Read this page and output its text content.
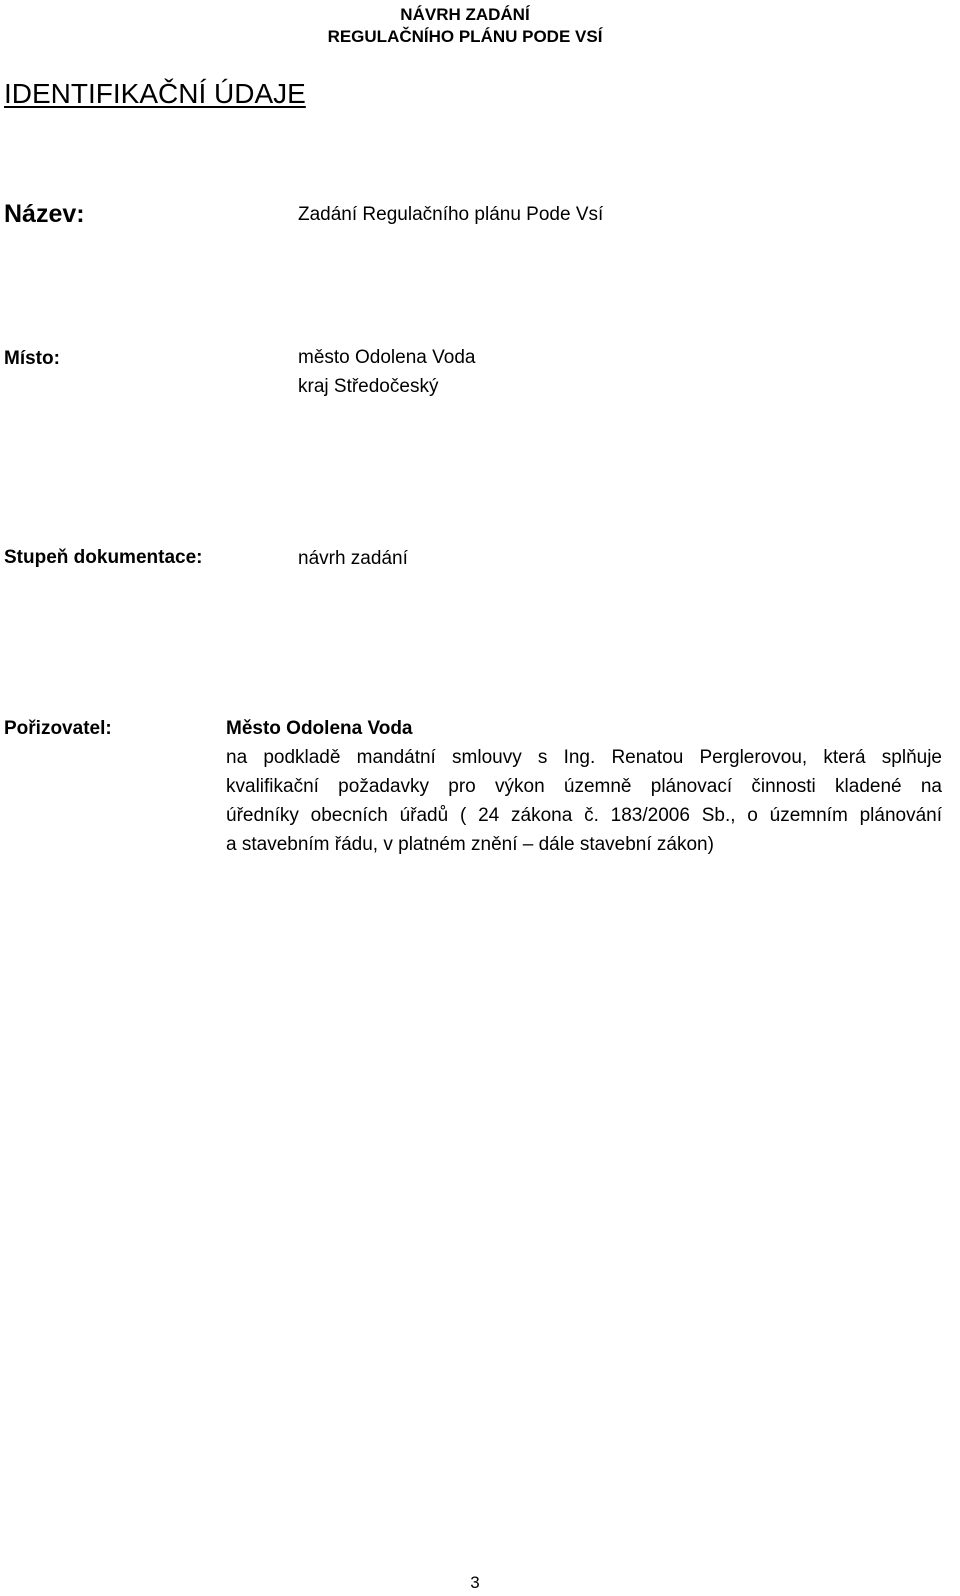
NÁVRH ZADÁNÍ
REGULAČNÍHO PLÁNU PODE VSÍ
IDENTIFIKAČNÍ ÚDAJE
Název:	Zadání Regulačního plánu Pode Vsí
Místo:	město Odolena Voda
kraj Středočeský
Stupeň dokumentace:	návrh zadání
Pořizovatel:	Město Odolena Voda
na podkladě mandátní smlouvy s Ing. Renatou Perglerovou, která splňuje
kvalifikační požadavky pro výkon územně plánovací činnosti kladené na
úředníky obecních úřadů ( 24 zákona č. 183/2006 Sb., o územním plánování
a stavebním řádu, v platném znění – dále stavební zákon)
3
